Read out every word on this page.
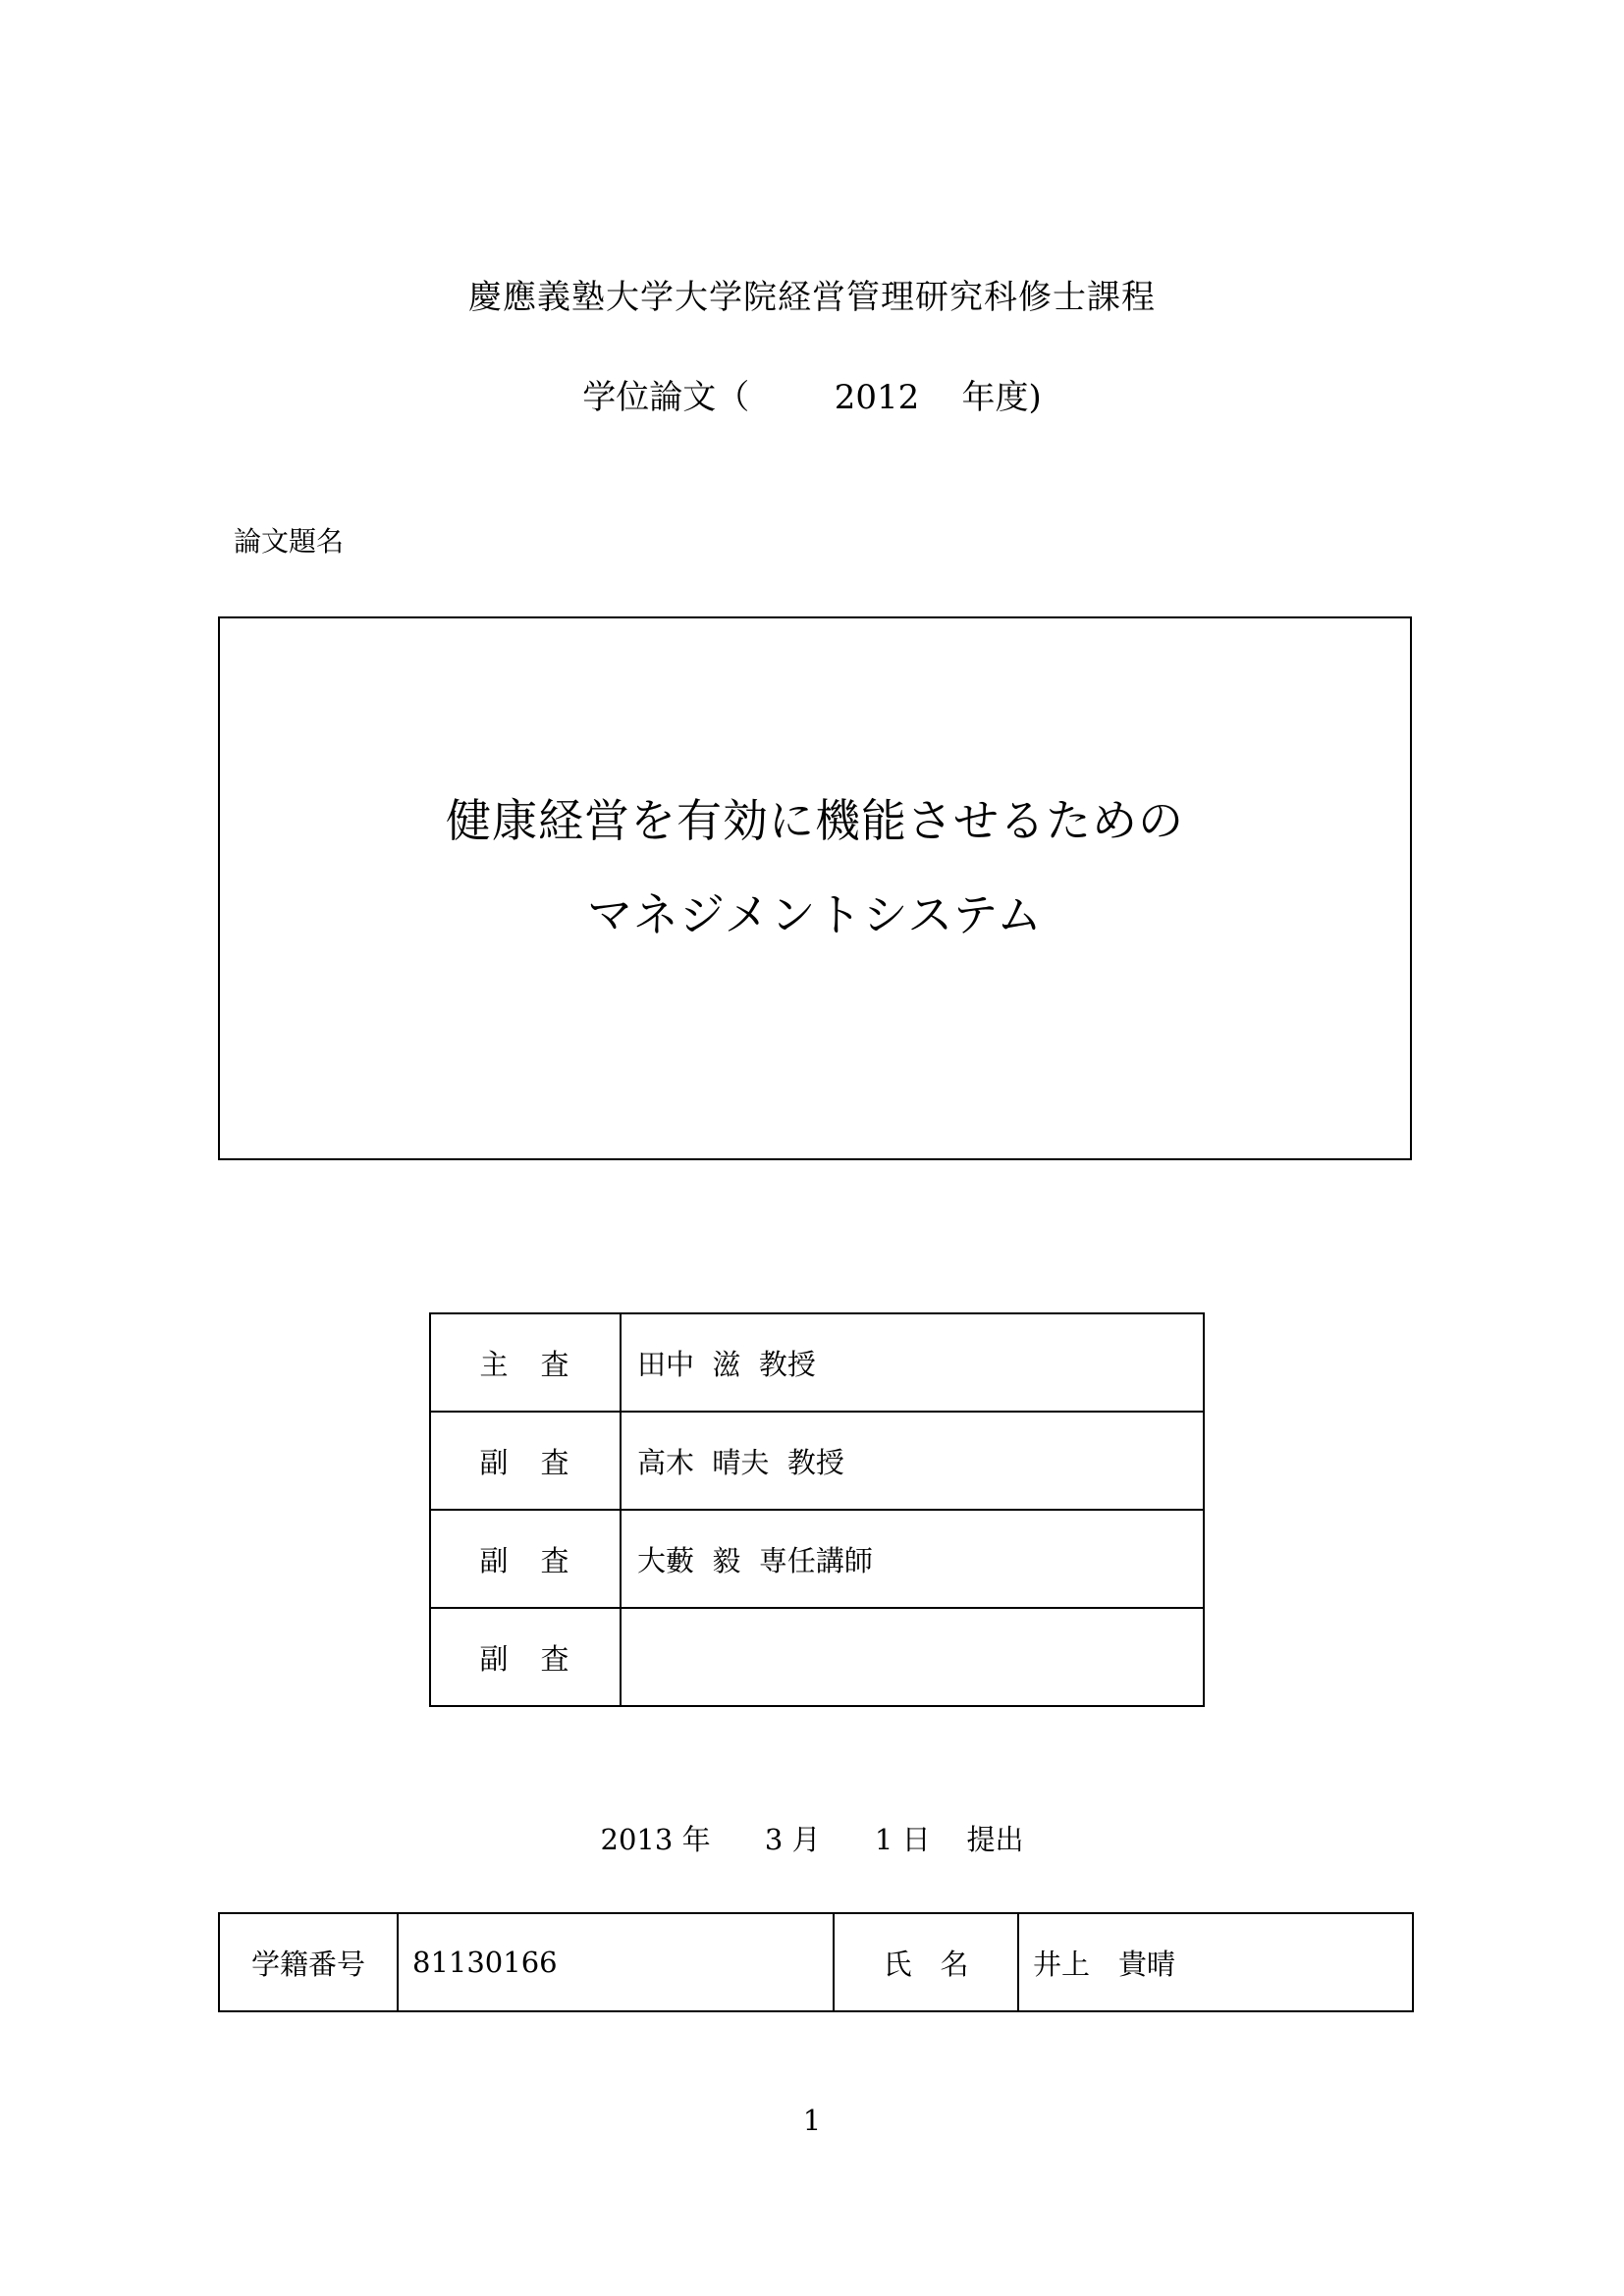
慶應義塾大学大学院経営管理研究科修士課程
学位論文（	2012 年度)
論文題名
健康経営を有効に機能させるための
マネジメントシステム
主　査	田中  滋  教授
副　査	高木  晴夫  教授
副　査	大藪  毅  専任講師
副　査	
2013 年 3 月 1 日 提出
学籍番号	81130166	氏　名	井上　貴晴
1
